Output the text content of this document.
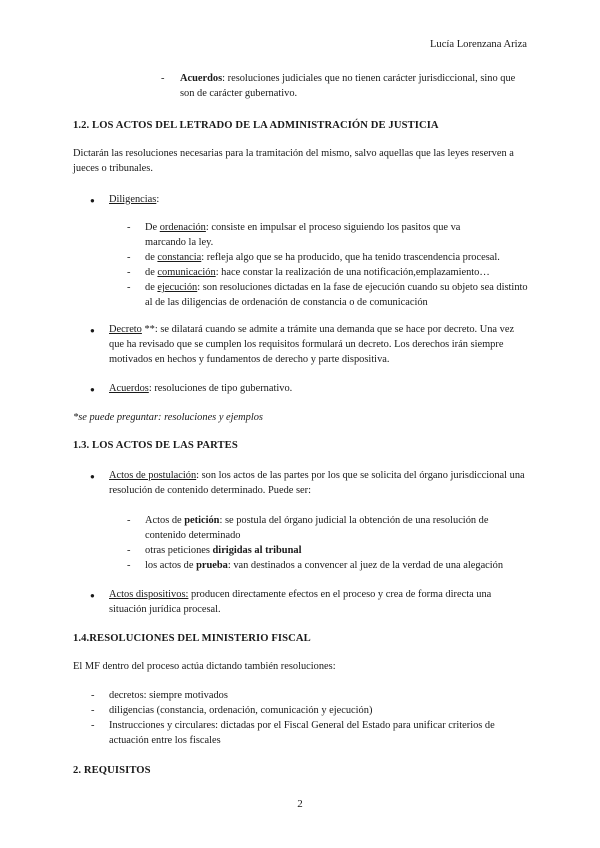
Lucía Lorenzana Ariza
- Acuerdos: resoluciones judiciales que no tienen carácter jurisdiccional, sino que son de carácter gubernativo.
1.2. LOS ACTOS DEL LETRADO DE LA ADMINISTRACIÓN DE JUSTICIA
Dictarán las resoluciones necesarias para la tramitación del mismo, salvo aquellas que las leyes reserven a jueces o tribunales.
● Diligencias:
- De ordenación: consiste en impulsar el proceso siguiendo los pasitos que va marcando la ley.
- de constancia: refleja algo que se ha producido, que ha tenido trascendencia procesal.
- de comunicación: hace constar la realización de una notificación,emplazamiento…
- de ejecución: son resoluciones dictadas en la fase de ejecución cuando su objeto sea distinto al de las diligencias de ordenación de constancia o de comunicación
● Decreto **: se dilatará cuando se admite a trámite una demanda que se hace por decreto. Una vez que ha revisado que se cumplen los requisitos formulará un decreto. Los derechos irán siempre motivados en hechos y fundamentos de derecho y parte dispositiva.
● Acuerdos: resoluciones de tipo gubernativo.
*se puede preguntar: resoluciones y ejemplos
1.3. LOS ACTOS DE LAS PARTES
● Actos de postulación: son los actos de las partes por los que se solicita del órgano jurisdiccional una resolución de contenido determinado. Puede ser:
- Actos de petición: se postula del órgano judicial la obtención de una resolución de contenido determinado
- otras peticiones dirigidas al tribunal
- los actos de prueba: van destinados a convencer al juez de la verdad de una alegación
● Actos dispositivos: producen directamente efectos en el proceso y crea de forma directa una situación jurídica procesal.
1.4.RESOLUCIONES DEL MINISTERIO FISCAL
El MF dentro del proceso actúa dictando también resoluciones:
- decretos: siempre motivados
- diligencias (constancia, ordenación, comunicación y ejecución)
- Instrucciones y circulares: dictadas por el Fiscal General del Estado para unificar criterios de actuación entre los fiscales
2. REQUISITOS
2
